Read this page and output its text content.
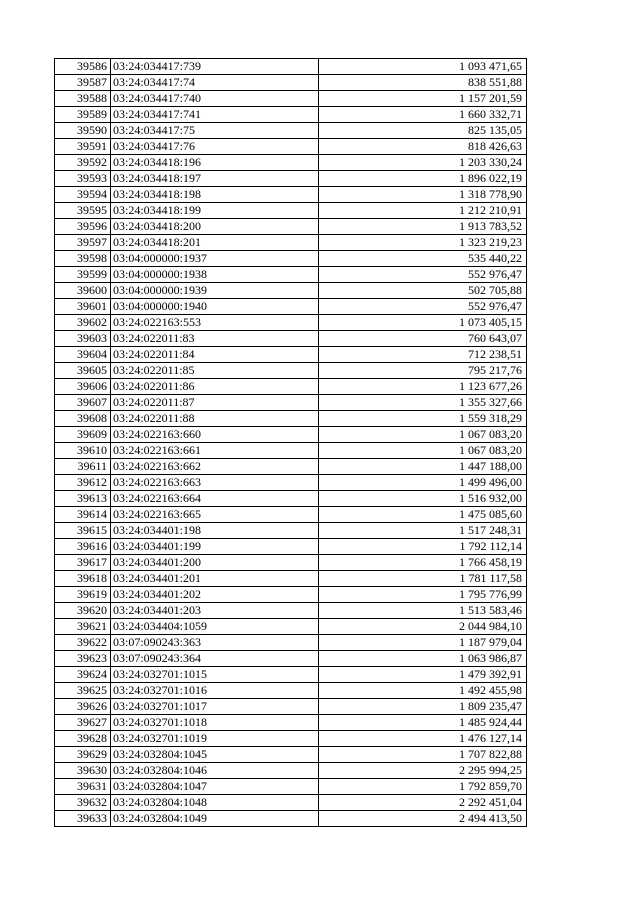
39586	03:24:034417:739	1 093 471,65
39587	03:24:034417:74	838 551,88
39588	03:24:034417:740	1 157 201,59
39589	03:24:034417:741	1 660 332,71
39590	03:24:034417:75	825 135,05
39591	03:24:034417:76	818 426,63
39592	03:24:034418:196	1 203 330,24
39593	03:24:034418:197	1 896 022,19
39594	03:24:034418:198	1 318 778,90
39595	03:24:034418:199	1 212 210,91
39596	03:24:034418:200	1 913 783,52
39597	03:24:034418:201	1 323 219,23
39598	03:04:000000:1937	535 440,22
39599	03:04:000000:1938	552 976,47
39600	03:04:000000:1939	502 705,88
39601	03:04:000000:1940	552 976,47
39602	03:24:022163:553	1 073 405,15
39603	03:24:022011:83	760 643,07
39604	03:24:022011:84	712 238,51
39605	03:24:022011:85	795 217,76
39606	03:24:022011:86	1 123 677,26
39607	03:24:022011:87	1 355 327,66
39608	03:24:022011:88	1 559 318,29
39609	03:24:022163:660	1 067 083,20
39610	03:24:022163:661	1 067 083,20
39611	03:24:022163:662	1 447 188,00
39612	03:24:022163:663	1 499 496,00
39613	03:24:022163:664	1 516 932,00
39614	03:24:022163:665	1 475 085,60
39615	03:24:034401:198	1 517 248,31
39616	03:24:034401:199	1 792 112,14
39617	03:24:034401:200	1 766 458,19
39618	03:24:034401:201	1 781 117,58
39619	03:24:034401:202	1 795 776,99
39620	03:24:034401:203	1 513 583,46
39621	03:24:034404:1059	2 044 984,10
39622	03:07:090243:363	1 187 979,04
39623	03:07:090243:364	1 063 986,87
39624	03:24:032701:1015	1 479 392,91
39625	03:24:032701:1016	1 492 455,98
39626	03:24:032701:1017	1 809 235,47
39627	03:24:032701:1018	1 485 924,44
39628	03:24:032701:1019	1 476 127,14
39629	03:24:032804:1045	1 707 822,88
39630	03:24:032804:1046	2 295 994,25
39631	03:24:032804:1047	1 792 859,70
39632	03:24:032804:1048	2 292 451,04
39633	03:24:032804:1049	2 494 413,50
